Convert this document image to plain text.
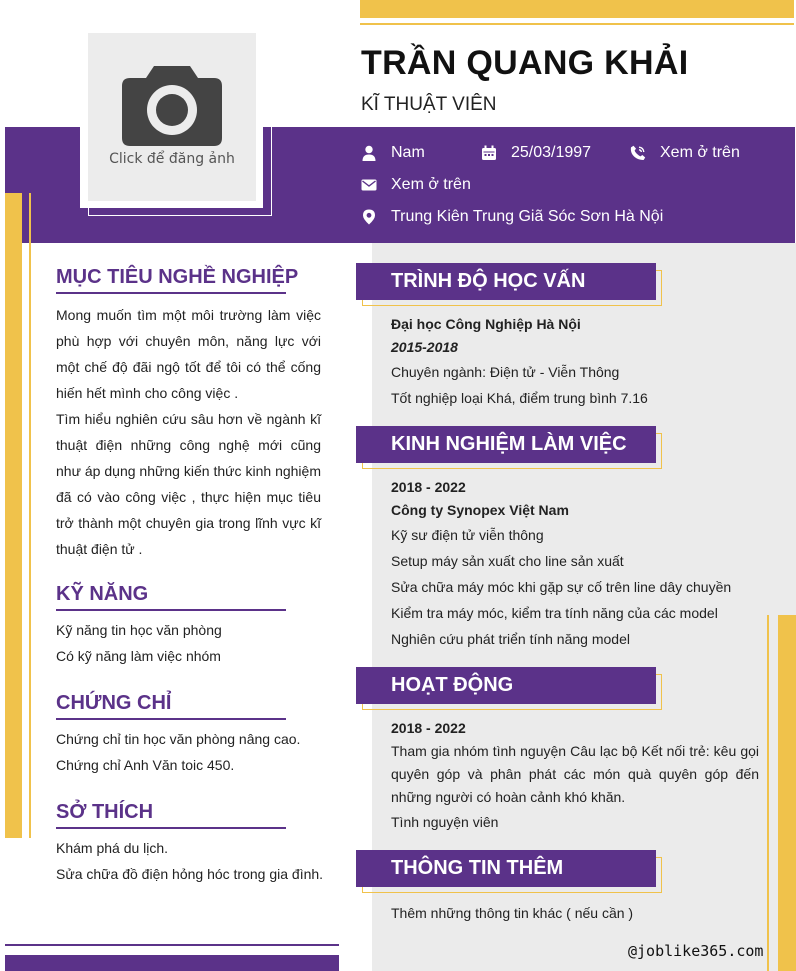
Click để đăng ảnh
TRẦN QUANG KHẢI
KĨ THUẬT VIÊN
Nam	25/03/1997	Xem ở trên
Xem ở trên
Trung Kiên Trung Giã Sóc Sơn Hà Nội
MỤC TIÊU NGHỀ NGHIỆP
Mong muốn tìm một môi trường làm việc phù hợp với chuyên môn, năng lực với một chế độ đãi ngộ tốt để tôi có thể cống hiến hết mình cho công việc .
Tìm hiểu nghiên cứu sâu hơn về ngành kĩ thuật điện những công nghệ mới cũng như áp dụng những kiến thức kinh nghiệm đã có vào công việc , thực hiện mục tiêu trở thành một chuyên gia trong lĩnh vực kĩ thuật điện tử .
KỸ NĂNG
Kỹ năng tin học văn phòng
Có kỹ năng làm việc nhóm
CHỨNG CHỈ
Chứng chỉ tin học văn phòng nâng cao.
Chứng chỉ Anh Văn toic 450.
SỞ THÍCH
Khám phá du lịch.
Sửa chữa đồ điện hỏng hóc trong gia đình.
TRÌNH ĐỘ HỌC VẤN
Đại học Công Nghiệp Hà Nội
2015-2018
Chuyên ngành: Điện tử - Viễn Thông
Tốt nghiệp loại Khá, điểm trung bình 7.16
KINH NGHIỆM LÀM VIỆC
2018 - 2022
Công ty Synopex Việt Nam
Kỹ sư điện tử viễn thông
Setup máy sản xuất cho line sản xuất
Sửa chữa máy móc khi gặp sự cố trên line dây chuyền
Kiểm tra máy móc, kiểm tra tính năng của các model
Nghiên cứu phát triển tính năng model
HOẠT ĐỘNG
2018 - 2022
Tham gia nhóm tình nguyện Câu lạc bộ Kết nối trẻ: kêu gọi quyên góp và phân phát các món quà quyên góp đến những người có hoàn cảnh khó khăn.
Tình nguyện viên
THÔNG TIN THÊM
Thêm những thông tin khác ( nếu cần )
@joblike365.com
